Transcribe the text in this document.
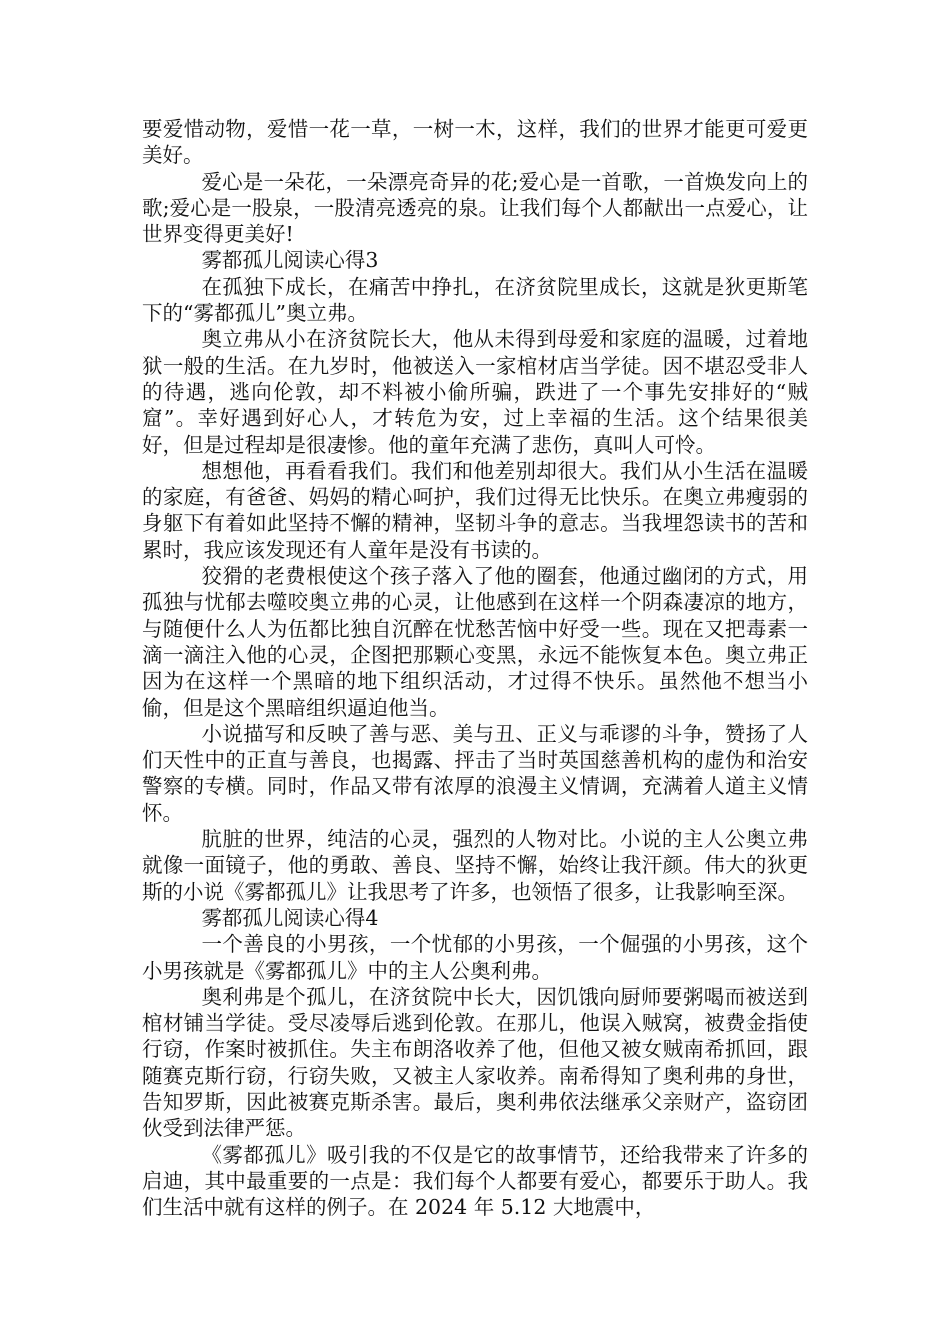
要爱惜动物，爱惜一花一草，一树一木，这样，我们的世界才能更可爱更美好。

爱心是一朵花，一朵漂亮奇异的花;爱心是一首歌，一首焕发向上的歌;爱心是一股泉，一股清亮透亮的泉。让我们每个人都献出一点爱心，让世界变得更美好!

雾都孤儿阅读心得3

在孤独下成长，在痛苦中挣扎，在济贫院里成长，这就是狄更斯笔下的“雾都孤儿”奥立弗。

奥立弗从小在济贫院长大，他从未得到母爱和家庭的温暖，过着地狱一般的生活。在九岁时，他被送入一家棺材店当学徒。因不堪忍受非人的待遇，逃向伦敦，却不料被小偷所骗，跌进了一个事先安排好的“贼窟”。幸好遇到好心人，才转危为安，过上幸福的生活。这个结果很美好，但是过程却是很凄惨。他的童年充满了悲伤，真叫人可怜。

想想他，再看看我们。我们和他差别却很大。我们从小生活在温暖的家庭，有爸爸、妈妈的精心呵护，我们过得无比快乐。在奥立弗瘦弱的身躯下有着如此坚持不懈的精神，坚韧斗争的意志。当我埋怨读书的苦和累时，我应该发现还有人童年是没有书读的。

狡猾的老费根使这个孩子落入了他的圈套，他通过幽闭的方式，用孤独与忧郁去噬咬奥立弗的心灵，让他感到在这样一个阴森凄凉的地方，与随便什么人为伍都比独自沉醉在忧愁苦恼中好受一些。现在又把毒素一滴一滴注入他的心灵，企图把那颗心变黑，永远不能恢复本色。奥立弗正因为在这样一个黑暗的地下组织活动，才过得不快乐。虽然他不想当小偷，但是这个黑暗组织逼迫他当。

小说描写和反映了善与恶、美与丑、正义与乖谬的斗争，赞扬了人们天性中的正直与善良，也揭露、抨击了当时英国慈善机构的虚伪和治安警察的专横。同时，作品又带有浓厚的浪漫主义情调，充满着人道主义情怀。

肮脏的世界，纯洁的心灵，强烈的人物对比。小说的主人公奥立弗就像一面镜子，他的勇敢、善良、坚持不懈，始终让我汗颜。伟大的狄更斯的小说《雾都孤儿》让我思考了许多，也领悟了很多，让我影响至深。

雾都孤儿阅读心得4

一个善良的小男孩，一个忧郁的小男孩，一个倔强的小男孩，这个小男孩就是《雾都孤儿》中的主人公奥利弗。

奥利弗是个孤儿，在济贫院中长大，因饥饿向厨师要粥喝而被送到棺材铺当学徒。受尽凌辱后逃到伦敦。在那儿，他误入贼窝，被费金指使行窃，作案时被抓住。失主布朗洛收养了他，但他又被女贼南希抓回，跟随赛克斯行窃，行窃失败，又被主人家收养。南希得知了奥利弗的身世，告知罗斯，因此被赛克斯杀害。最后，奥利弗依法继承父亲财产，盗窃团伙受到法律严惩。

《雾都孤儿》吸引我的不仅是它的故事情节，还给我带来了许多的启迪，其中最重要的一点是：我们每个人都要有爱心，都要乐于助人。我们生活中就有这样的例子。在 2024 年 5.12 大地震中，
